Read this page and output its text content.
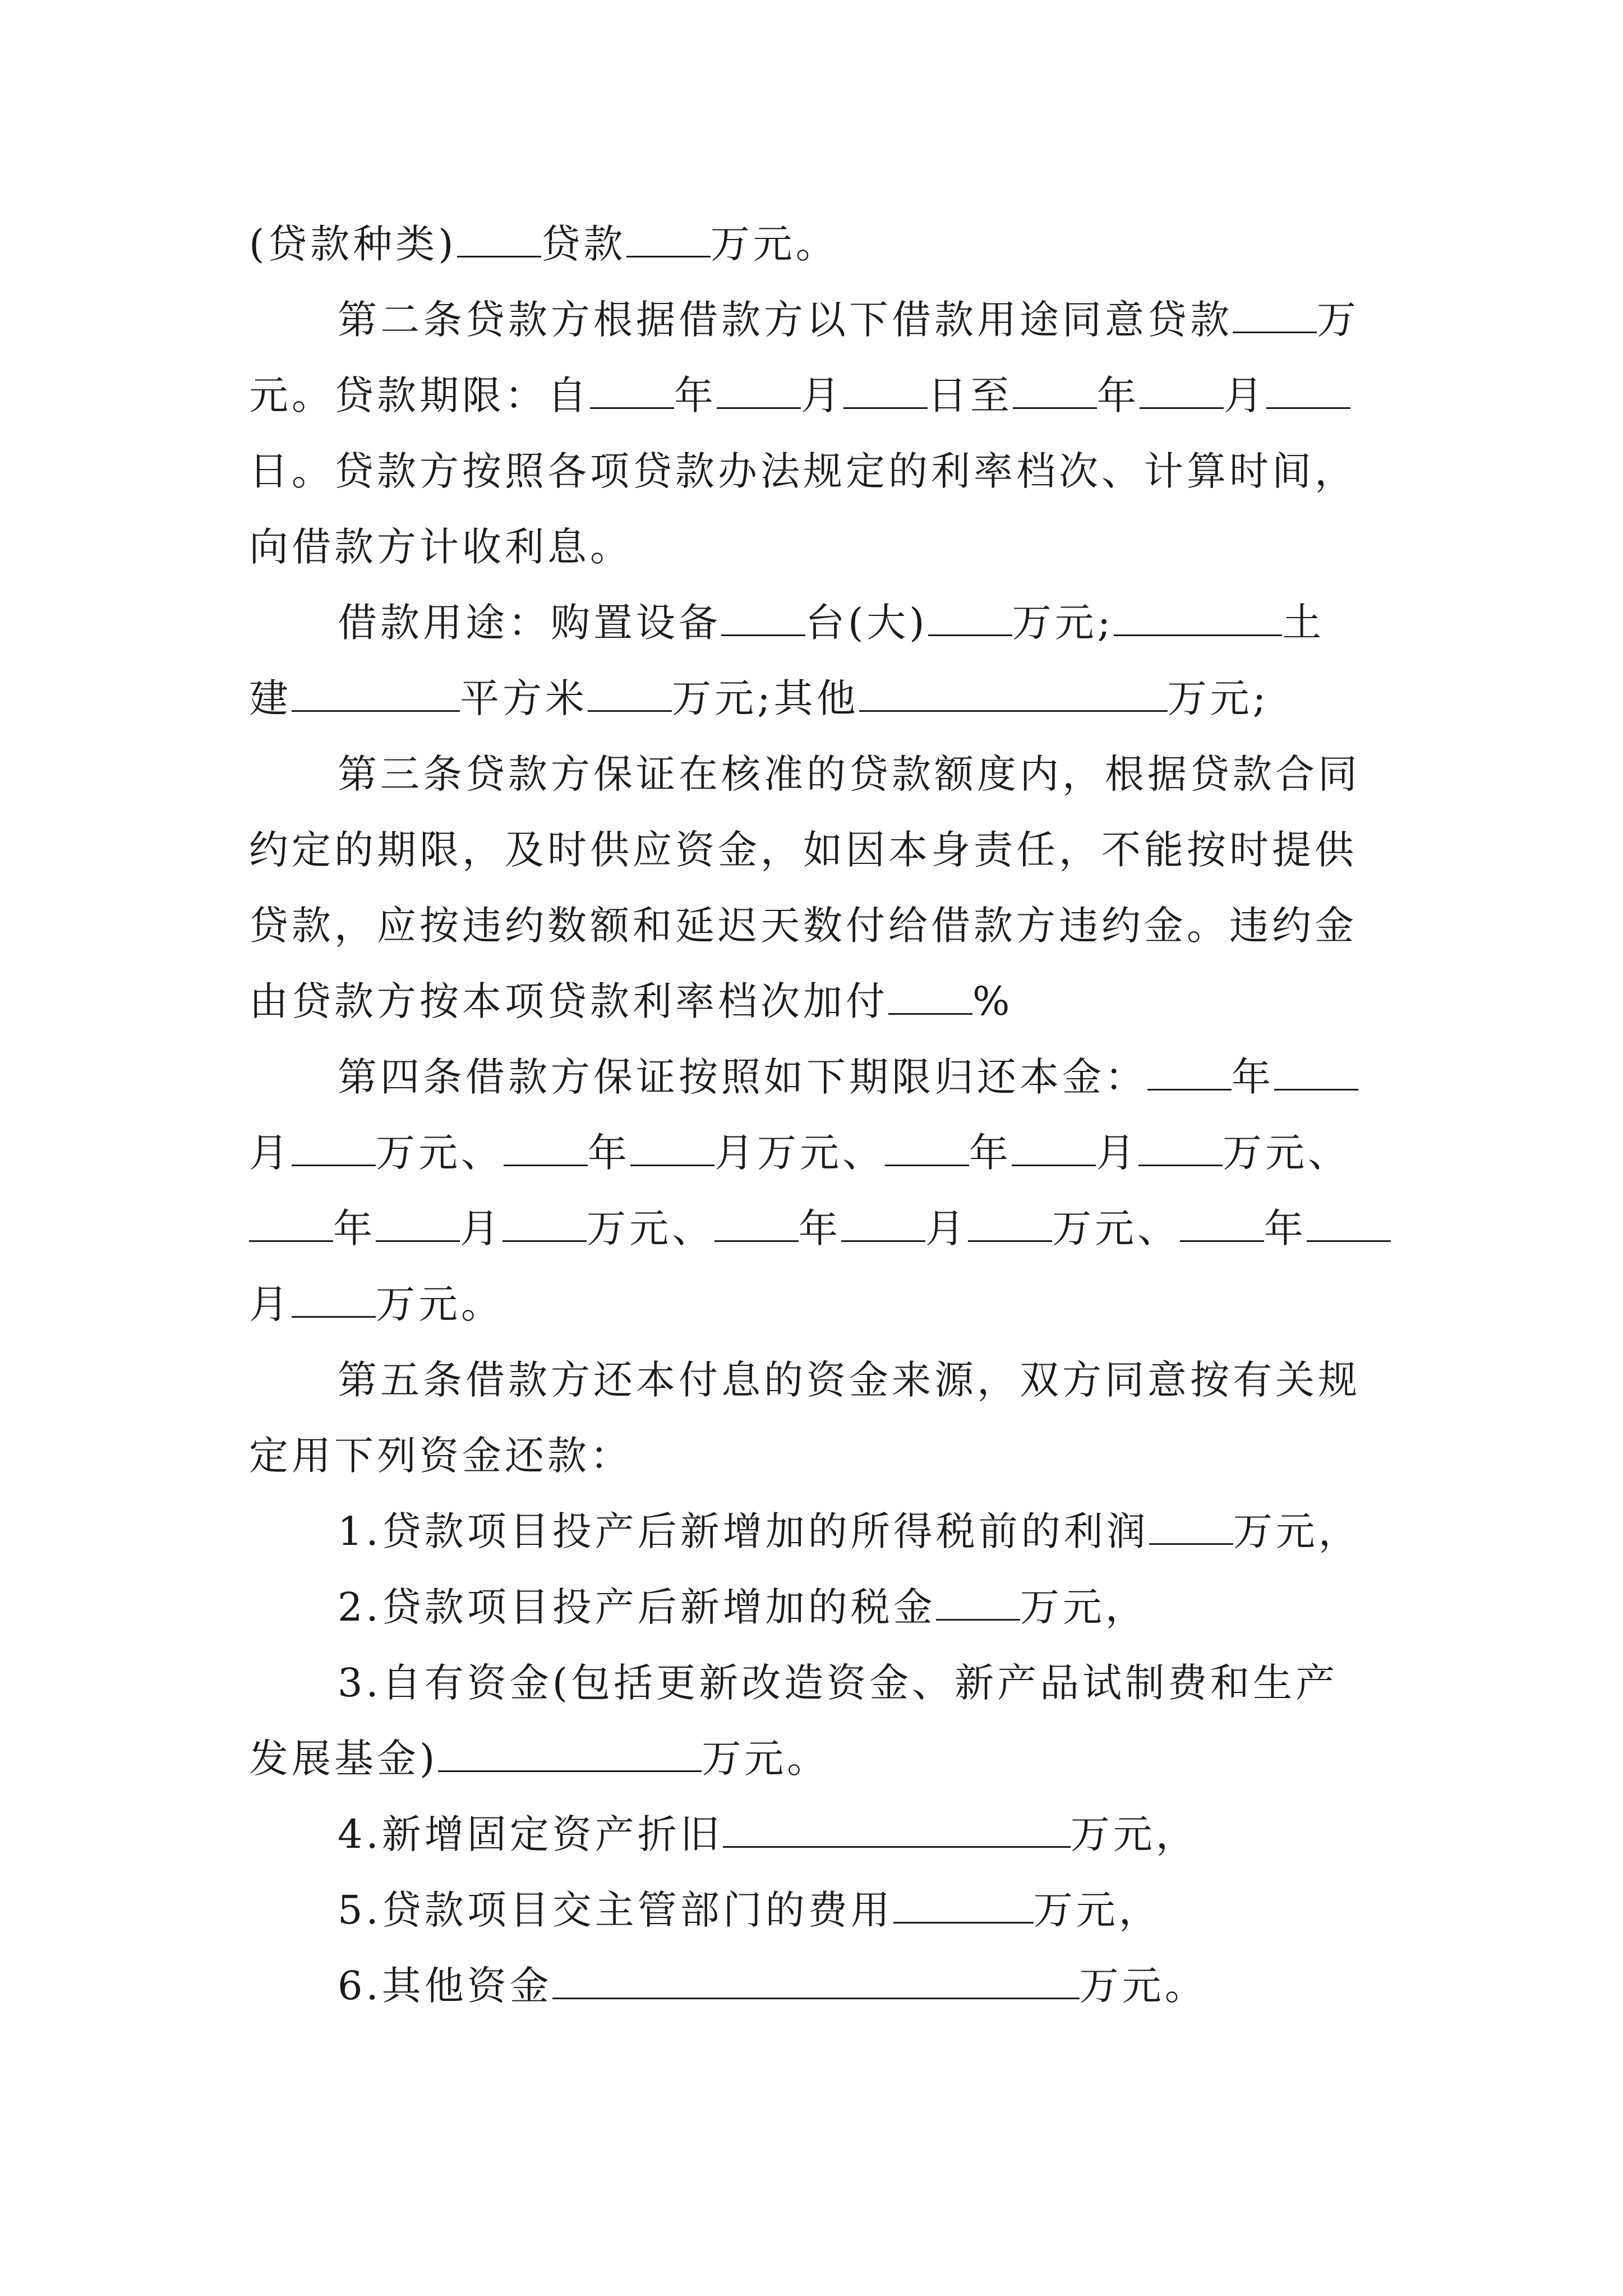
(贷款种类) 贷款 万元。
第二条贷款方根据借款方以下借款用途同意贷款 万
元。贷款期限：自 年 月 日至 年 月
日。贷款方按照各项贷款办法规定的利率档次、计算时间，
向借款方计收利息。
借款用途：购置设备 台(大) 万元;	土
建	平方米 万元;其他	万元;
第三条贷款方保证在核准的贷款额度内，根据贷款合同
约定的期限，及时供应资金，如因本身责任，不能按时提供
贷款，应按违约数额和延迟天数付给借款方违约金。违约金
由贷款方按本项贷款利率档次加付 %
第四条借款方保证按照如下期限归还本金： 年
月 万元、 年 月万元、 年 月 万元、
年 月 万元、 年 月 万元、 年
月 万元。
第五条借款方还本付息的资金来源，双方同意按有关规
定用下列资金还款：
1.贷款项目投产后新增加的所得税前的利润 万元，
2.贷款项目投产后新增加的税金 万元，
3.自有资金(包括更新改造资金、新产品试制费和生产
发展基金)	万元。
4.新增固定资产折旧	万元，
5.贷款项目交主管部门的费用	万元，
6.其他资金	万元。
